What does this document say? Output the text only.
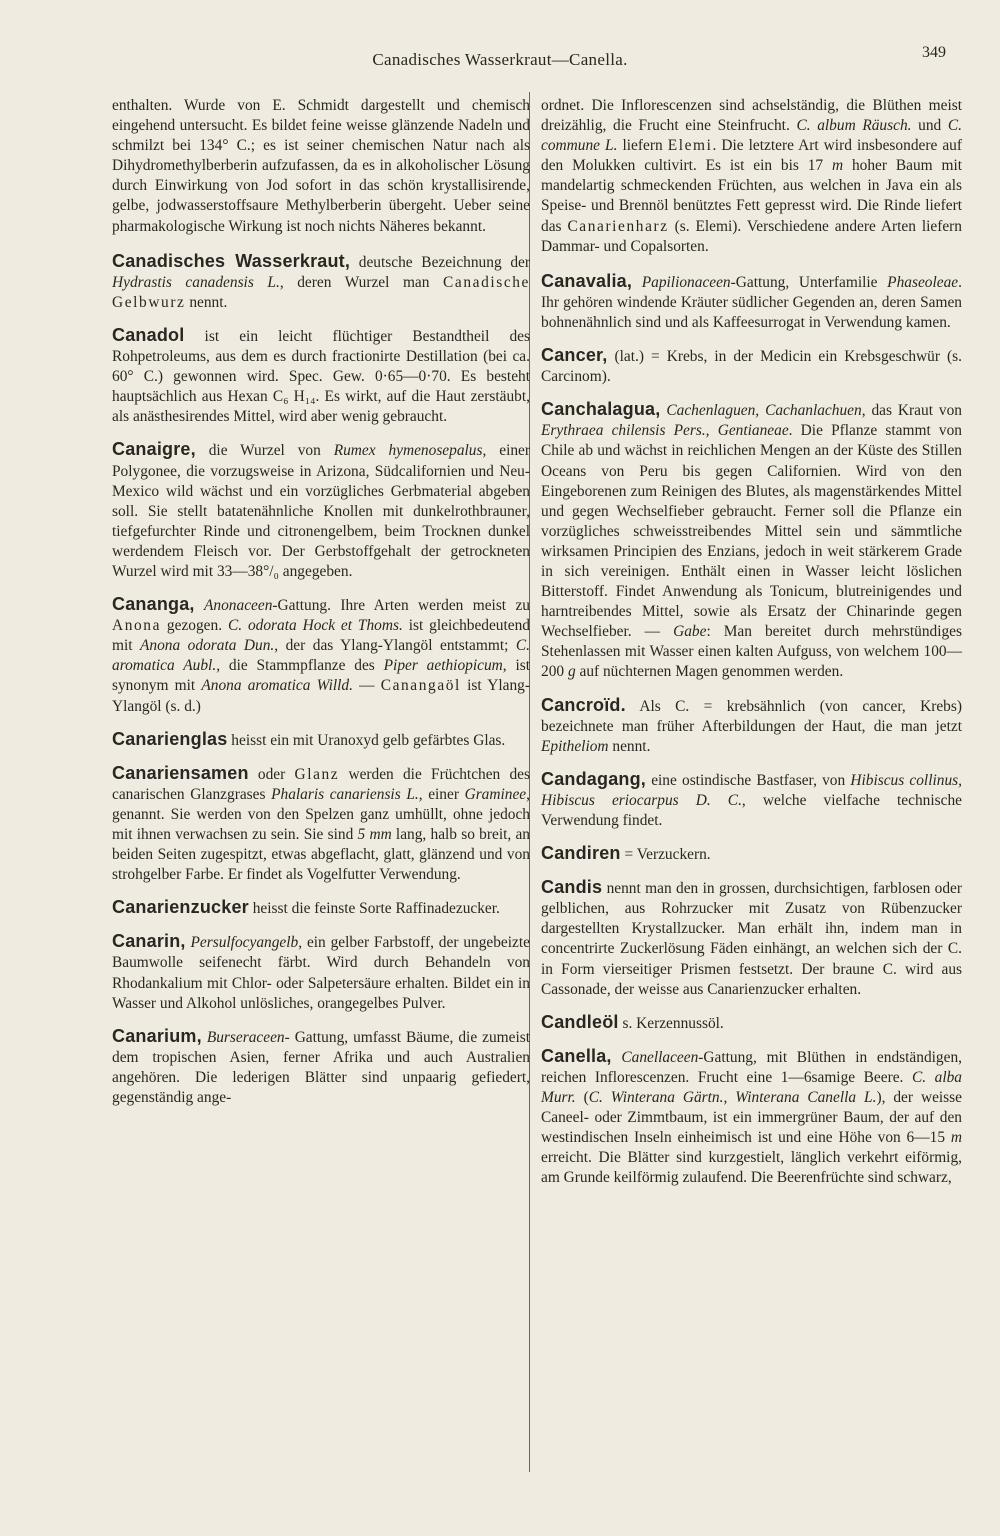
Canadisches Wasserkraut—Canella.	349

enthalten. Wurde von E. Schmidt dargestellt und chemisch eingehend untersucht. Es bildet feine weisse glänzende Nadeln und schmilzt bei 134° C.; es ist seiner chemischen Natur nach als Dihydromethylberberin aufzufassen, da es in alkoholischer Lösung durch Einwirkung von Jod sofort in das schön krystallisirende, gelbe, jodwasserstoffsaure Methylberberin übergeht. Ueber seine pharmakologische Wirkung ist noch nichts Näheres bekannt.

Canadisches Wasserkraut, deutsche Bezeichnung der Hydrastis canadensis L., deren Wurzel man Canadische Gelbwurz nennt.

Canadol ist ein leicht flüchtiger Bestandtheil des Rohpetroleums, aus dem es durch fractionirte Destillation (bei ca. 60° C.) gewonnen wird. Spec. Gew. 0·65—0·70. Es besteht hauptsächlich aus Hexan C₆ H₁₄. Es wirkt, auf die Haut zerstäubt, als anästhesirendes Mittel, wird aber wenig gebraucht.

Canaigre, die Wurzel von Rumex hymenosepalus, einer Polygonee, die vorzugsweise in Arizona, Südcalifornien und Neu-Mexico wild wächst und ein vorzügliches Gerbmaterial abgeben soll. Sie stellt batatenähnliche Knollen mit dunkelrothbrauner, tiefgefurchter Rinde und citronengelbem, beim Trocknen dunkel werdendem Fleisch vor. Der Gerbstoffgehalt der getrockneten Wurzel wird mit 33—38°/₀ angegeben.

Cananga, Anonaceen-Gattung. Ihre Arten werden meist zu Anona gezogen. C. odorata Hock et Thoms. ist gleichbedeutend mit Anona odorata Dun., der das Ylang-Ylangöl entstammt; C. aromatica Aubl., die Stammpflanze des Piper aethiopicum, ist synonym mit Anona aromatica Willd. — Canangaöl ist Ylang-Ylangöl (s. d.)

Canarienglas heisst ein mit Uranoxyd gelb gefärbtes Glas.

Canariensamen oder Glanz werden die Früchtchen des canarischen Glanzgrases Phalaris canariensis L., einer Graminee, genannt. Sie werden von den Spelzen ganz umhüllt, ohne jedoch mit ihnen verwachsen zu sein. Sie sind 5 mm lang, halb so breit, an beiden Seiten zugespitzt, etwas abgeflacht, glatt, glänzend und von strohgelber Farbe. Er findet als Vogelfutter Verwendung.

Canarienzucker heisst die feinste Sorte Raffinadezucker.

Canarin, Persulfocyangelb, ein gelber Farbstoff, der ungebeizte Baumwolle seifenecht färbt. Wird durch Behandeln von Rhodankalium mit Chlor- oder Salpetersäure erhalten. Bildet ein in Wasser und Alkohol unlösliches, orangegelbes Pulver.

Canarium, Burseraceen- Gattung, umfasst Bäume, die zumeist dem tropischen Asien, ferner Afrika und auch Australien angehören. Die lederigen Blätter sind unpaarig gefiedert, gegenständig ange-

ordnet. Die Inflorescenzen sind achselständig, die Blüthen meist dreizählig, die Frucht eine Steinfrucht. C. album Räusch. und C. commune L. liefern Elemi. Die letztere Art wird insbesondere auf den Molukken cultivirt. Es ist ein bis 17 m hoher Baum mit mandelartig schmeckenden Früchten, aus welchen in Java ein als Speise- und Brennöl benütztes Fett gepresst wird. Die Rinde liefert das Canarienharz (s. Elemi). Verschiedene andere Arten liefern Dammar- und Copalsorten.

Canavalia, Papilionaceen-Gattung, Unterfamilie Phaseoleae. Ihr gehören windende Kräuter südlicher Gegenden an, deren Samen bohnenähnlich sind und als Kaffeesurrogat in Verwendung kamen.

Cancer, (lat.) = Krebs, in der Medicin ein Krebsgeschwür (s. Carcinom).

Canchalagua, Cachenlaguen, Cachanlachuen, das Kraut von Erythraea chilensis Pers., Gentianeae. Die Pflanze stammt von Chile ab und wächst in reichlichen Mengen an der Küste des Stillen Oceans von Peru bis gegen Californien. Wird von den Eingeborenen zum Reinigen des Blutes, als magenstärkendes Mittel und gegen Wechselfieber gebraucht. Ferner soll die Pflanze ein vorzügliches schweisstreibendes Mittel sein und sämmtliche wirksamen Principien des Enzians, jedoch in weit stärkerem Grade in sich vereinigen. Enthält einen in Wasser leicht löslichen Bitterstoff. Findet Anwendung als Tonicum, blutreinigendes und harntreibendes Mittel, sowie als Ersatz der Chinarinde gegen Wechselfieber. — Gabe: Man bereitet durch mehrstündiges Stehenlassen mit Wasser einen kalten Aufguss, von welchem 100—200 g auf nüchternen Magen genommen werden.

Cancroïd. Als C. = krebsähnlich (von cancer, Krebs) bezeichnete man früher Afterbildungen der Haut, die man jetzt Epitheliom nennt.

Candagang, eine ostindische Bastfaser, von Hibiscus collinus, Hibiscus eriocarpus D. C., welche vielfache technische Verwendung findet.

Candiren = Verzuckern.

Candis nennt man den in grossen, durchsichtigen, farblosen oder gelblichen, aus Rohrzucker mit Zusatz von Rübenzucker dargestellten Krystallzucker. Man erhält ihn, indem man in concentrirte Zuckerlösung Fäden einhängt, an welchen sich der C. in Form vierseitiger Prismen festsetzt. Der braune C. wird aus Cassonade, der weisse aus Canarienzucker erhalten.

Candleöl s. Kerzennussöl.

Canella, Canellaceen-Gattung, mit Blüthen in endständigen, reichen Inflorescenzen. Frucht eine 1—6samige Beere. C. alba Murr. (C. Winterana Gärtn., Winterana Canella L.), der weisse Caneel- oder Zimmtbaum, ist ein immergrüner Baum, der auf den westindischen Inseln einheimisch ist und eine Höhe von 6—15 m erreicht. Die Blätter sind kurzgestielt, länglich verkehrt eiförmig, am Grunde keilförmig zulaufend. Die Beerenfrüchte sind schwarz,
